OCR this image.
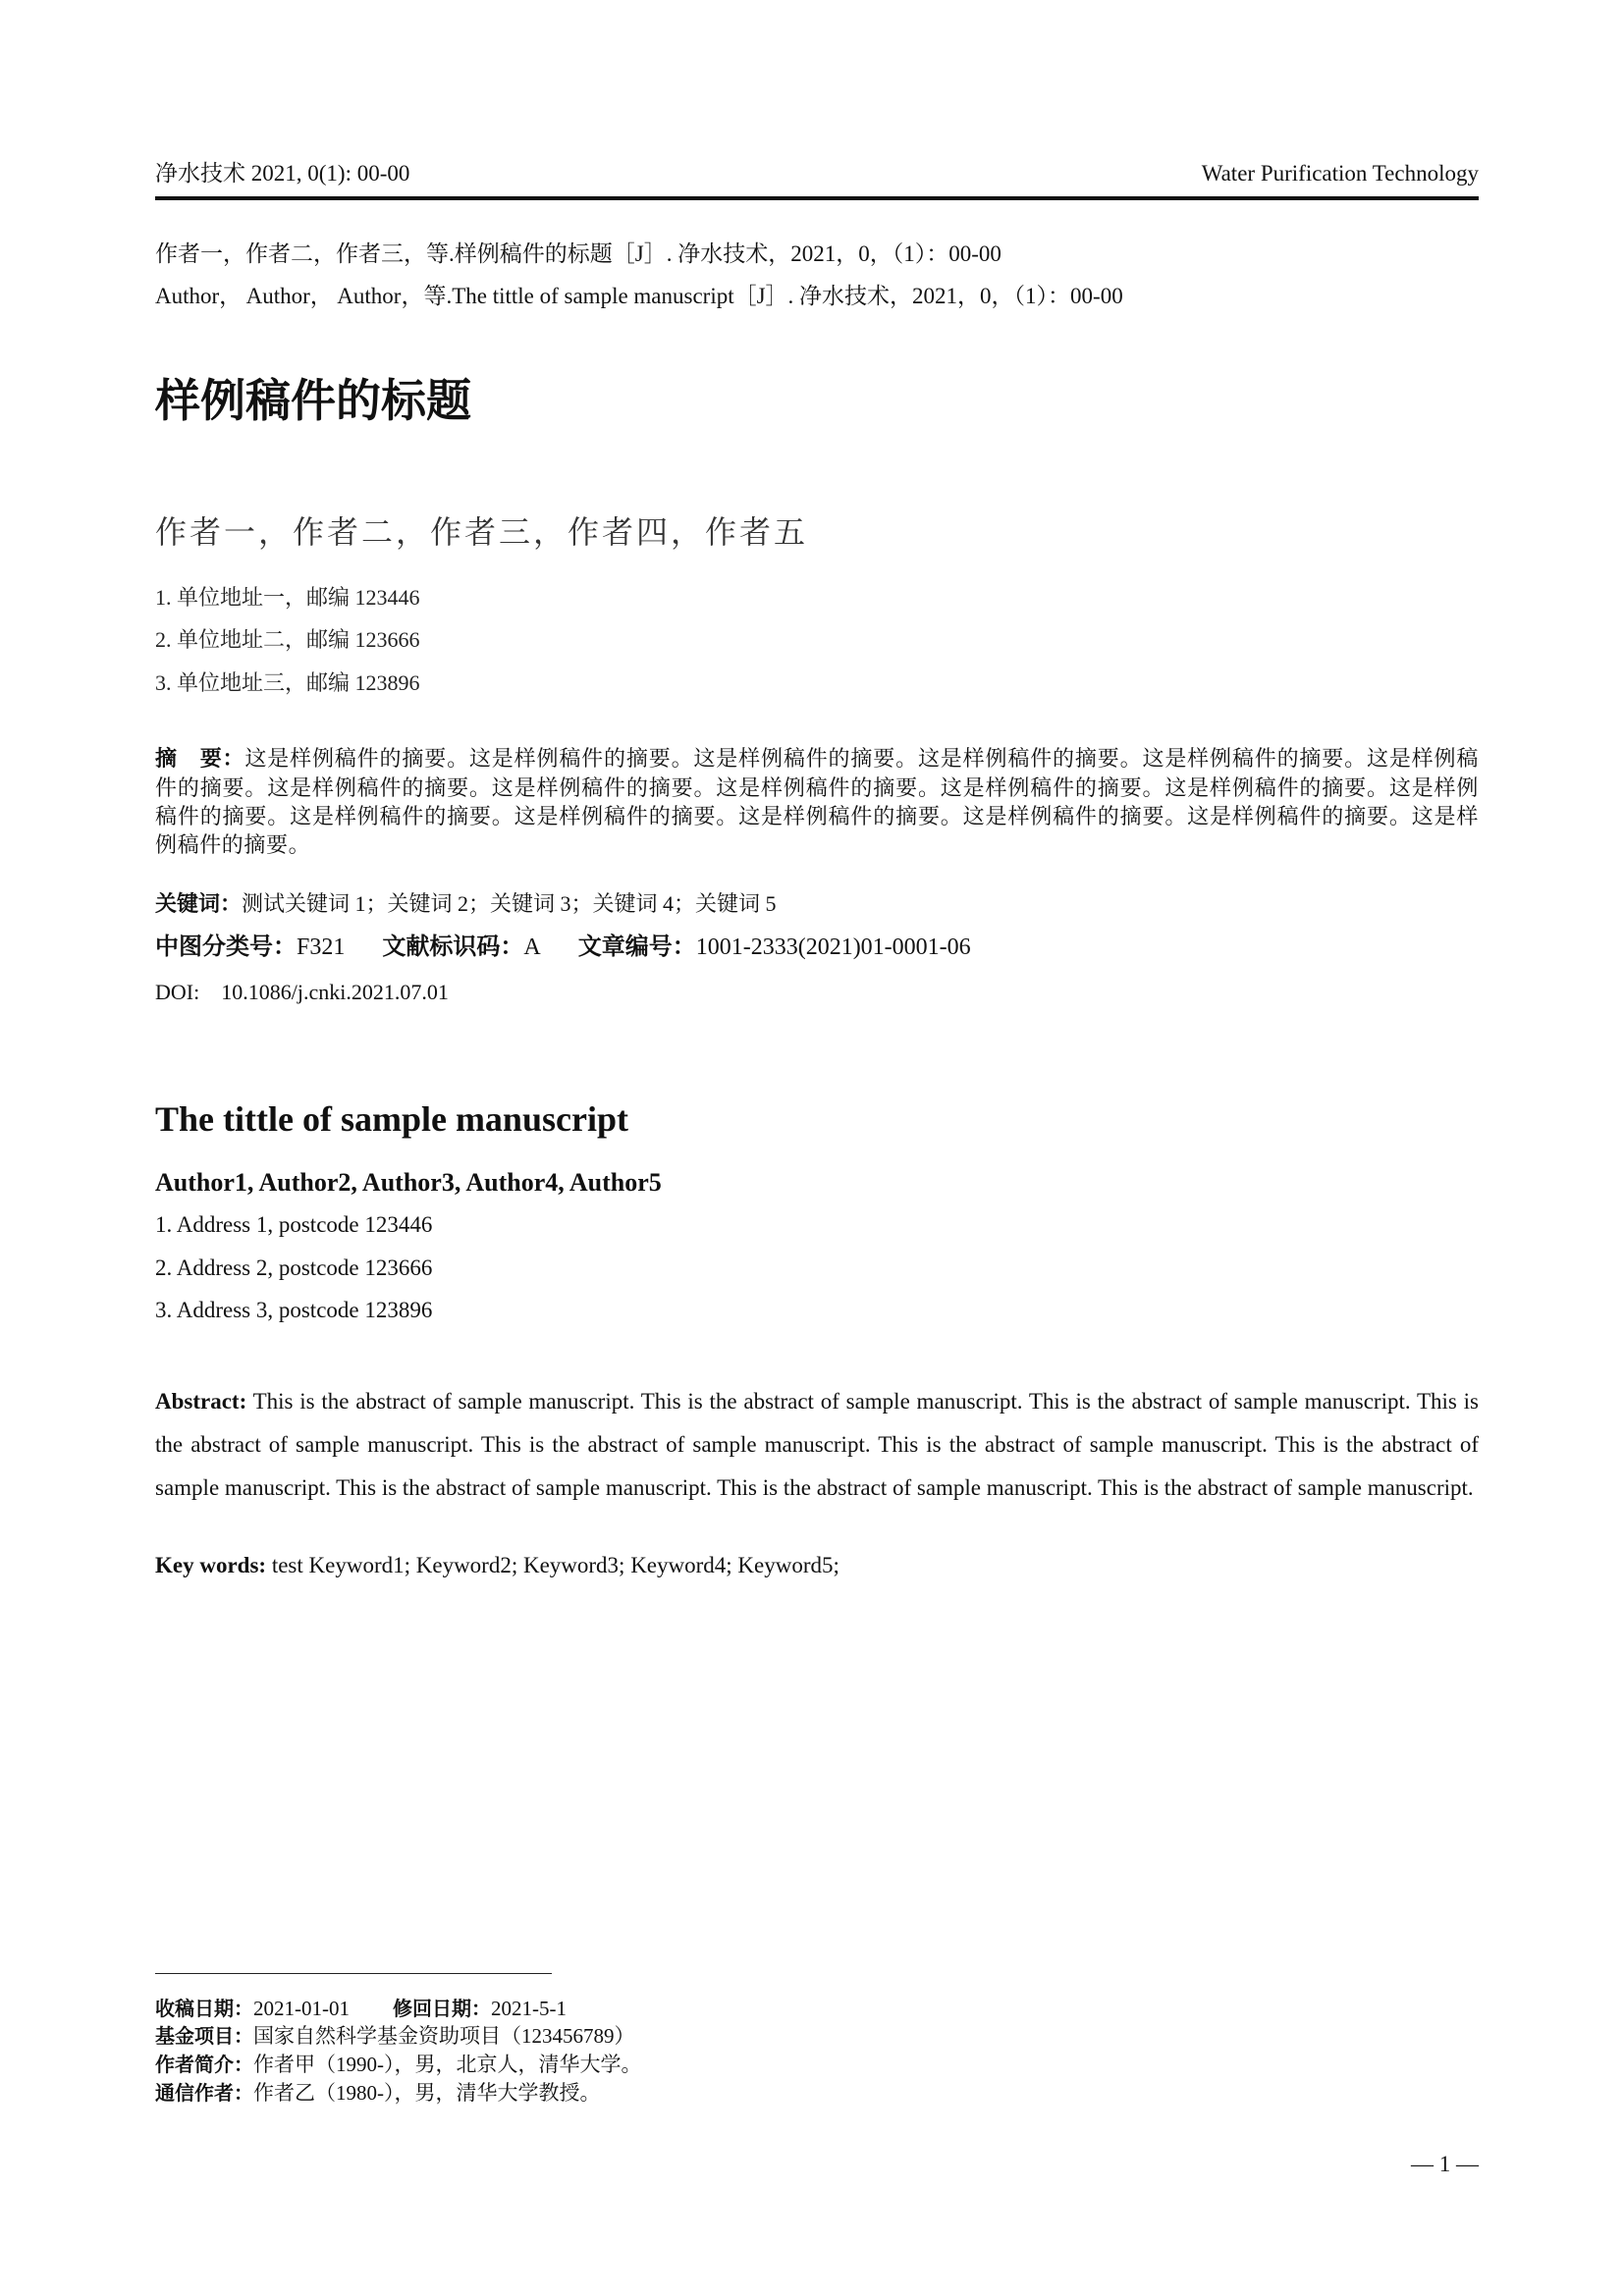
净水技术 2021, 0(1): 00-00	Water Purification Technology
作者一，作者二，作者三，等.样例稿件的标题［J］. 净水技术，2021，0，（1）：00-00
Author， Author， Author，等.The tittle of sample manuscript［J］. 净水技术，2021，0，（1）：00-00
样例稿件的标题
作者一，作者二，作者三，作者四，作者五
1. 单位地址一，邮编 123446
2. 单位地址二，邮编 123666
3. 单位地址三，邮编 123896
摘　要：这是样例稿件的摘要。这是样例稿件的摘要。这是样例稿件的摘要。这是样例稿件的摘要。这是样例稿件的摘要。这是样例稿件的摘要。这是样例稿件的摘要。这是样例稿件的摘要。这是样例稿件的摘要。这是样例稿件的摘要。这是样例稿件的摘要。这是样例稿件的摘要。这是样例稿件的摘要。这是样例稿件的摘要。这是样例稿件的摘要。这是样例稿件的摘要。这是样例稿件的摘要。这是样例稿件的摘要。
关键词：测试关键词 1；关键词 2；关键词 3；关键词 4；关键词 5
中图分类号：F321 文献标识码：A 文章编号：1001-2333(2021)01-0001-06
DOI: 10.1086/j.cnki.2021.07.01
The tittle of sample manuscript
Author1, Author2, Author3, Author4, Author5
1. Address 1, postcode 123446
2. Address 2, postcode 123666
3. Address 3, postcode 123896
Abstract: This is the abstract of sample manuscript. This is the abstract of sample manuscript. This is the abstract of sample manuscript. This is the abstract of sample manuscript. This is the abstract of sample manuscript. This is the abstract of sample manuscript. This is the abstract of sample manuscript. This is the abstract of sample manuscript. This is the abstract of sample manuscript. This is the abstract of sample manuscript.
Key words: test Keyword1; Keyword2; Keyword3; Keyword4; Keyword5;
收稿日期：2021-01-01 修回日期：2021-5-1
基金项目：国家自然科学基金资助项目（123456789）
作者简介：作者甲（1990-），男，北京人，清华大学。
通信作者：作者乙（1980-），男，清华大学教授。
— 1 —
